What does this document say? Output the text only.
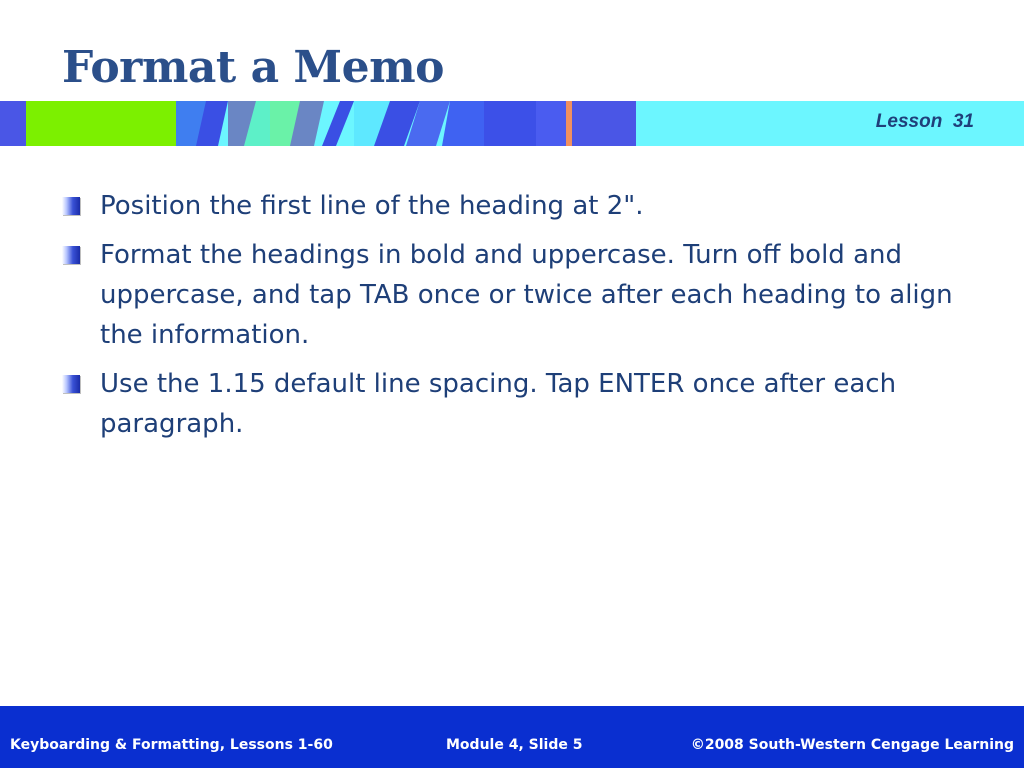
Format a Memo
Lesson  31
Position the first line of the heading at 2".
Format the headings in bold and uppercase. Turn off bold and uppercase, and tap TAB once or twice after each heading to align the information.
Use the 1.15 default line spacing. Tap ENTER once after each paragraph.
Keyboarding & Formatting, Lessons 1-60	Module 4, Slide 5	©2008 South-Western Cengage Learning
